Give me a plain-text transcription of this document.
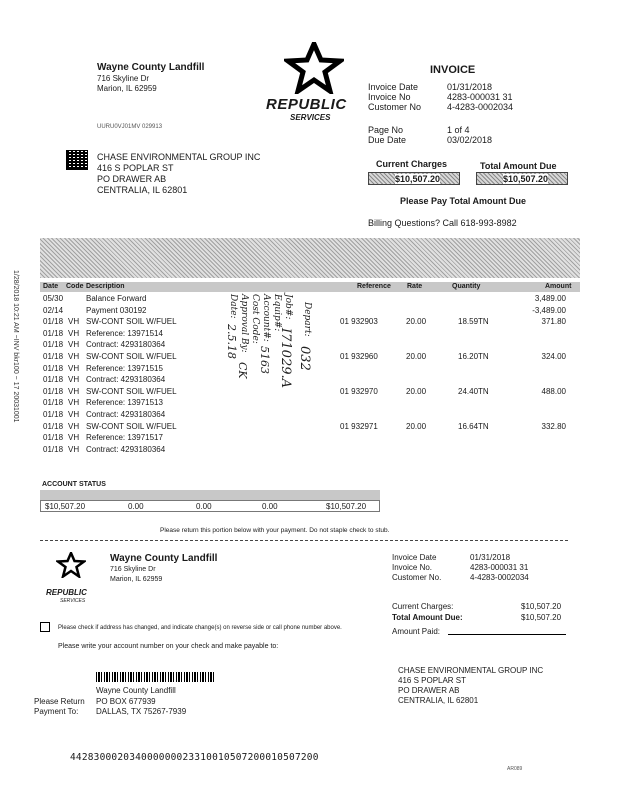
Wayne County Landfill
716 Skyline Dr
Marion, IL 62959
REPUBLIC
SERVICES
INVOICE
Invoice Date	01/31/2018
Invoice No	4283-000031 31
Customer No	4-4283-0002034
Page No	1 of 4
Due Date	03/02/2018
UURU0VJ01MV 029913
CHASE ENVIRONMENTAL GROUP INC
416 S POPLAR ST
PO DRAWER AB
CENTRALIA, IL 62801
Current Charges	Total Amount Due
$10,507.20	$10,507.20
Please Pay Total Amount Due
Billing Questions? Call 618-993-8982
Date Code Description	Reference Rate	Quantity	Amount
05/30	Balance Forward	3,489.00
02/14	Payment 030192	-3,489.00
01/18 VH SW-CONT SOIL W/FUEL	01 932903	20.00	18.59TN	371.80
01/18 VH Reference: 13971514
01/18 VH Contract: 4293180364
01/18 VH SW-CONT SOIL W/FUEL	01 932960	20.00	16.20TN	324.00
01/18 VH Reference: 13971515
01/18 VH Contract: 4293180364
01/18 VH SW-CONT SOIL W/FUEL	01 932970	20.00	24.40TN	488.00
01/18 VH Reference: 13971513
01/18 VH Contract: 4293180364
01/18 VH SW-CONT SOIL W/FUEL	01 932971	20.00	16.64TN	332.80
01/18 VH Reference: 13971517
01/18 VH Contract: 4293180364
Date:
2.5.18 Approval By:
CK
Cost Code: Account#:
5163
Equip#: Job#:
I71029.A
Depart:
032
1/28/2018 10:21 AM ~INV bkr100 ~ 17 20031001
ACCOUNT STATUS
$10,507.20	0.00	0.00	0.00	$10,507.20
Please return this portion below with your payment. Do not staple check to stub.
REPUBLIC
SERVICES
Wayne County Landfill
716 Skyline Dr
Marion, IL 62959
Invoice Date	01/31/2018
Invoice No.	4283-000031 31
Customer No.	4-4283-0002034
Current Charges:	$10,507.20
Total Amount Due:	$10,507.20
Amount Paid:
Please check if address has changed, and indicate change(s) on reverse side or call phone number above.
Please write your account number on your check and make payable to:
Wayne County Landfill
Please Return PO BOX 677939
Payment To: DALLAS, TX 75267-7939
CHASE ENVIRONMENTAL GROUP INC
416 S POPLAR ST
PO DRAWER AB
CENTRALIA, IL 62801
442830002034000000023310010507200010507200
AR089
